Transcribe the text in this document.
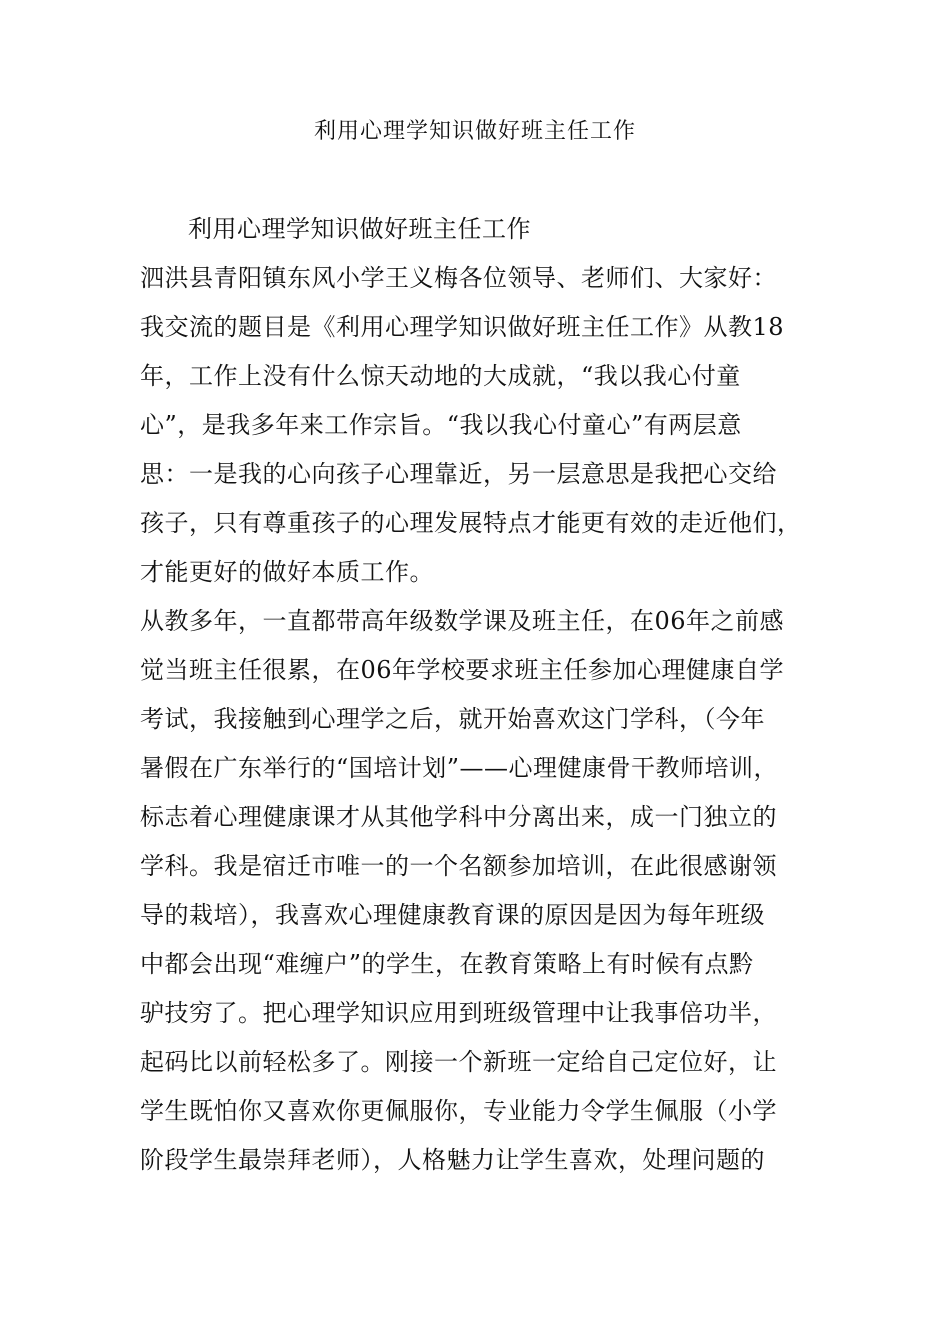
利用心理学知识做好班主任工作
利用心理学知识做好班主任工作
泗洪县青阳镇东风小学王义梅各位领导、老师们、大家好：
我交流的题目是《利用心理学知识做好班主任工作》从教18
年，工作上没有什么惊天动地的大成就，“我以我心付童
心”，是我多年来工作宗旨。“我以我心付童心”有两层意
思：一是我的心向孩子心理靠近，另一层意思是我把心交给
孩子，只有尊重孩子的心理发展特点才能更有效的走近他们，
才能更好的做好本质工作。
从教多年，一直都带高年级数学课及班主任，在06年之前感
觉当班主任很累，在06年学校要求班主任参加心理健康自学
考试，我接触到心理学之后，就开始喜欢这门学科，（今年
暑假在广东举行的“国培计划”——心理健康骨干教师培训，
标志着心理健康课才从其他学科中分离出来，成一门独立的
学科。我是宿迁市唯一的一个名额参加培训，在此很感谢领
导的栽培），我喜欢心理健康教育课的原因是因为每年班级
中都会出现“难缠户”的学生，在教育策略上有时候有点黔
驴技穷了。把心理学知识应用到班级管理中让我事倍功半，
起码比以前轻松多了。刚接一个新班一定给自己定位好，让
学生既怕你又喜欢你更佩服你，专业能力令学生佩服（小学
阶段学生最崇拜老师），人格魅力让学生喜欢，处理问题的
